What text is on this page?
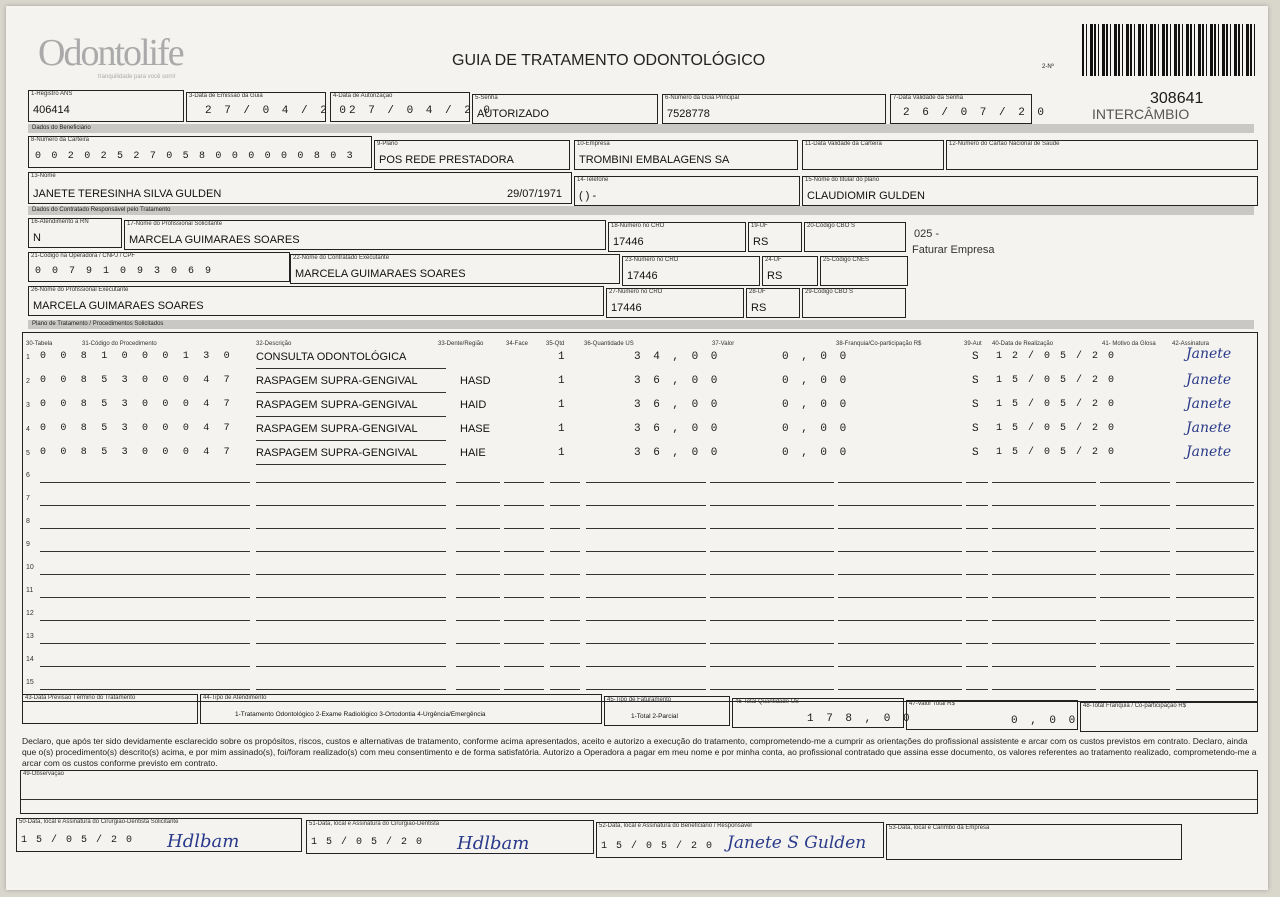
Odontolife
tranquilidade para você sorrir
GUIA DE TRATAMENTO ODONTOLÓGICO	2-Nº
308641
INTERCÂMBIO
1-Registro ANS
406414
3-Data de Emissão da Guia
2 7 / 0 4 / 2 0
4-Data de Autorização
2 7 / 0 4 / 2 0
5-Senha
AUTORIZADO
6-Número da Guia Principal
7528778
7-Data Validade da Senha
2 6 / 0 7 / 2 0
Dados do Beneficiário
8-Número da Carteira
0 0 2 0 2 5 2 7 0 5 8 0 0 0 0 0 0 8 0 3
9-Plano
POS REDE PRESTADORA
10-Empresa
TROMBINI EMBALAGENS SA
11-Data Validade da Carteira	12-Número do Cartão Nacional de Saúde
13-Nome
JANETE TERESINHA SILVA GULDEN	29/07/1971
14-Telefone
( ) -
15-Nome do titular do plano
CLAUDIOMIR GULDEN
Dados do Contratado Responsável pelo Tratamento
16-Atendimento a RN
N
17-Nome do Profissional Solicitante
MARCELA GUIMARAES SOARES
18-Número no CRO
17446
19-UF
RS
20-Código CBO S
025 -
Faturar Empresa
21-Código na Operadora / CNPJ / CPF
0 0 7 9 1 0 9 3 0 6 9
22-Nome do Contratado Executante
MARCELA GUIMARAES SOARES
23-Número no CRO
17446
24-UF
RS
25-Código CNES
26-Nome do Profissional Executante
MARCELA GUIMARAES SOARES
27-Número no CRO
17446
28-UF
RS
29-Código CBO S
Plano de Tratamento / Procedimentos Solicitados
30-Tabela	31-Código do Procedimento	32-Descrição	33-Dente/Região	34-Face	35-Qtd	36-Quantidade US	37-Valor	38-Franquia/Co-participação R$	39-Aut 40-Data de Realização	41- Motivo da Glosa	42-Assinatura
1 0 0 8 1 0 0 0 1 3 0 CONSULTA ODONTOLÓGICA	1	3 4 , 0 0	0 , 0 0	S 1 2 / 0 5 / 2 0	Janete
2 0 0 8 5 3 0 0 0 4 7 RASPAGEM SUPRA-GENGIVAL	HASD	1	3 6 , 0 0	0 , 0 0	S 1 5 / 0 5 / 2 0	Janete
3 0 0 8 5 3 0 0 0 4 7 RASPAGEM SUPRA-GENGIVAL	HAID	1	3 6 , 0 0	0 , 0 0	S 1 5 / 0 5 / 2 0	Janete
4 0 0 8 5 3 0 0 0 4 7 RASPAGEM SUPRA-GENGIVAL	HASE	1	3 6 , 0 0	0 , 0 0	S 1 5 / 0 5 / 2 0	Janete
5 0 0 8 5 3 0 0 0 4 7 RASPAGEM SUPRA-GENGIVAL	HAIE	1	3 6 , 0 0	0 , 0 0	S 1 5 / 0 5 / 2 0	Janete
6
7
8
9
10
11
12
13
14
15
43-Data Previsão Término do Tratamento	44-Tipo de Atendimento
1-Tratamento Odontológico 2-Exame Radiológico 3-Ortodontia 4-Urgência/Emergência
45-Tipo de Faturamento
1-Total 2-Parcial
46-Total Quantidade US
1 7 8 , 0 0
47-Valor Total R$
0 , 0 0
48-Total Franquia / Co-participação R$
Declaro, que após ter sido devidamente esclarecido sobre os propósitos, riscos, custos e alternativas de tratamento, conforme acima apresentados, aceito e autorizo a execução do tratamento, comprometendo-me a cumprir as orientações do profissional assistente e arcar com os custos previstos em contrato. Declaro, ainda que o(s) procedimento(s) descrito(s) acima, e por mim assinado(s), foi/foram realizado(s) com meu consentimento e de forma satisfatória. Autorizo a Operadora a pagar em meu nome e por minha conta, ao profissional contratado que assina esse documento, os valores referentes ao tratamento realizado, comprometendo-me a arcar com os custos conforme previsto em contrato.
49-Observação
50-Data, local e Assinatura do Cirurgião-Dentista Solicitante
1 5 / 0 5 / 2 0 Hdlbam
51-Data, local e Assinatura do Cirurgião-Dentista
1 5 / 0 5 / 2 0 Hdlbam
52-Data, local e Assinatura do Beneficiário / Responsável
1 5 / 0 5 / 2 0 Janete S Gulden
53-Data, local e Carimbo da Empresa
